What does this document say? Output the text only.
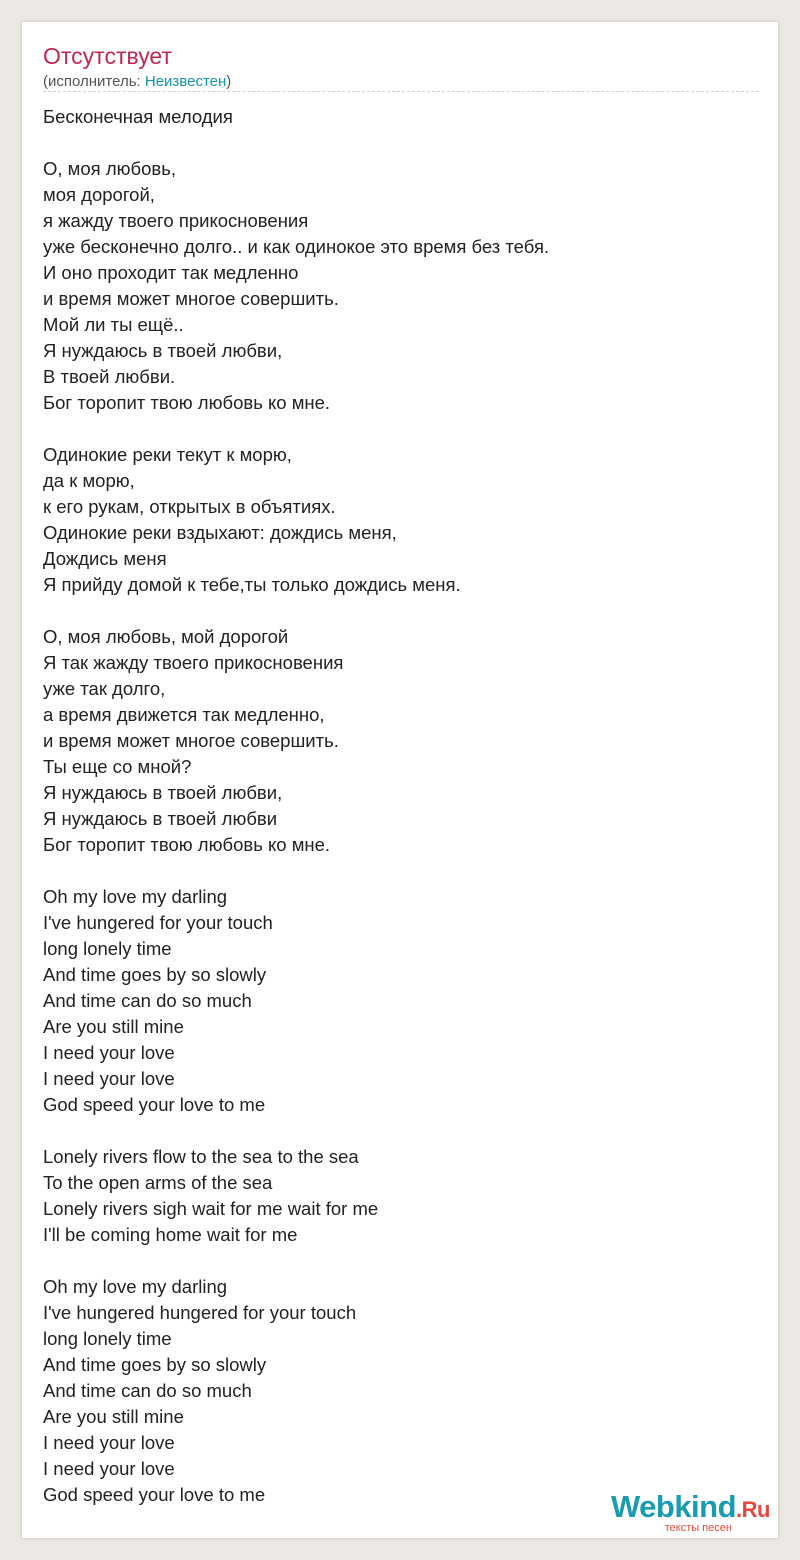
Отсутствует
(исполнитель: Неизвестен)
Бесконечная мелодия
О, моя любовь,
моя дорогой,
я жажду твоего прикосновения
уже бесконечно долго.. и как одинокое это время без тебя.
И оно проходит так медленно
и время может многое совершить.
Мой ли ты ещё..
Я нуждаюсь в твоей любви,
В твоей любви.
Бог торопит твою любовь ко мне.
Одинокие реки текут к морю,
да к морю,
к его рукам, открытых в объятиях.
Одинокие реки вздыхают: дождись меня,
Дождись меня
Я прийду домой к тебе,ты только дождись меня.
О, моя любовь, мой дорогой
Я так жажду твоего прикосновения
уже так долго,
а время движется так медленно,
и время может многое совершить.
Ты еще со мной?
Я нуждаюсь в твоей любви,
Я нуждаюсь в твоей любви
Бог торопит твою любовь ко мне.
Oh my love my darling
I've hungered for your touch
long lonely time
And time goes by so slowly
And time can do so much
Are you still mine
I need your love
I need your love
God speed your love to me
Lonely rivers flow to the sea to the sea
To the open arms of the sea
Lonely rivers sigh wait for me wait for me
I'll be coming home wait for me
Oh my love my darling
I've hungered hungered for your touch
long lonely time
And time goes by so slowly
And time can do so much
Are you still mine
I need your love
I need your love
God speed your love to me	Webkind.Ru
тексты песен
